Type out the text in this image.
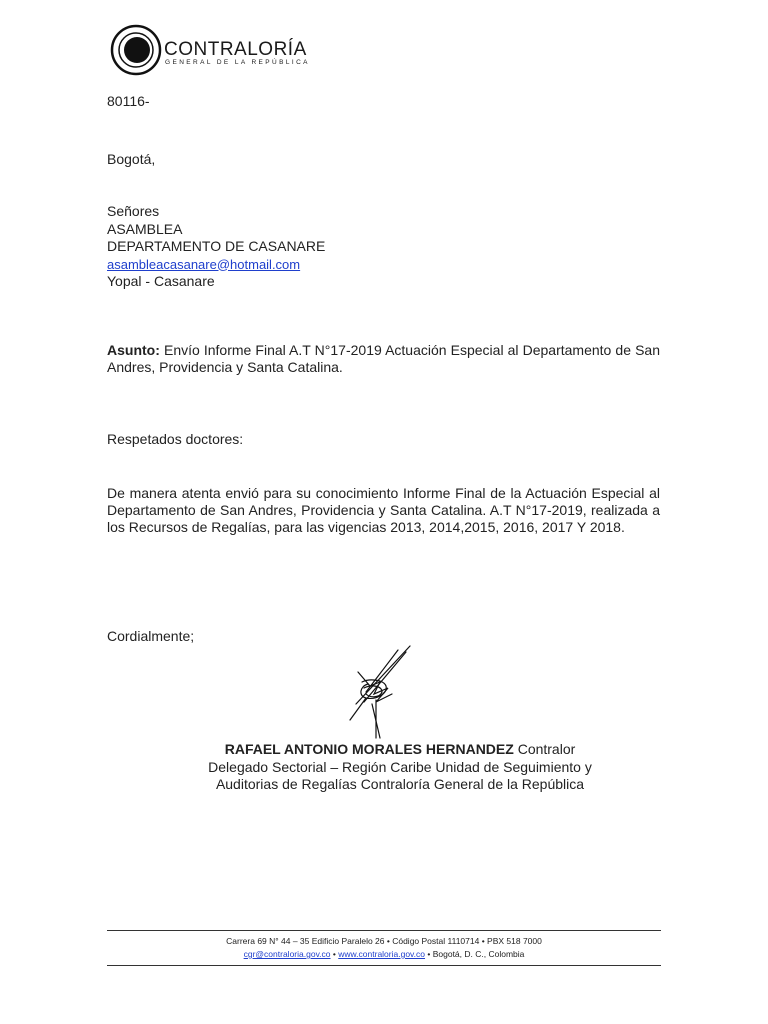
CONTRALORÍA
GENERAL DE LA REPÚBLICA
80116-
Bogotá,
Señores
ASAMBLEA
DEPARTAMENTO DE CASANARE
asambleacasanare@hotmail.com
Yopal - Casanare
Asunto: Envío Informe Final A.T N°17-2019 Actuación Especial al Departamento de San Andres, Providencia y Santa Catalina.
Respetados doctores:
De manera atenta envió para su conocimiento Informe Final de la Actuación Especial al Departamento de San Andres, Providencia y Santa Catalina. A.T N°17-2019, realizada a los Recursos de Regalías, para las vigencias 2013, 2014,2015, 2016, 2017 Y 2018.
Cordialmente;
RAFAEL ANTONIO MORALES HERNANDEZ Contralor
Delegado Sectorial – Región Caribe Unidad de Seguimiento y
Auditorias de Regalías Contraloría General de la República
Carrera 69 N° 44 – 35 Edificio Paralelo 26 • Código Postal 1110714 • PBX 518 7000
cgr@contraloria.gov.co • www.contraloria.gov.co • Bogotá, D. C., Colombia
